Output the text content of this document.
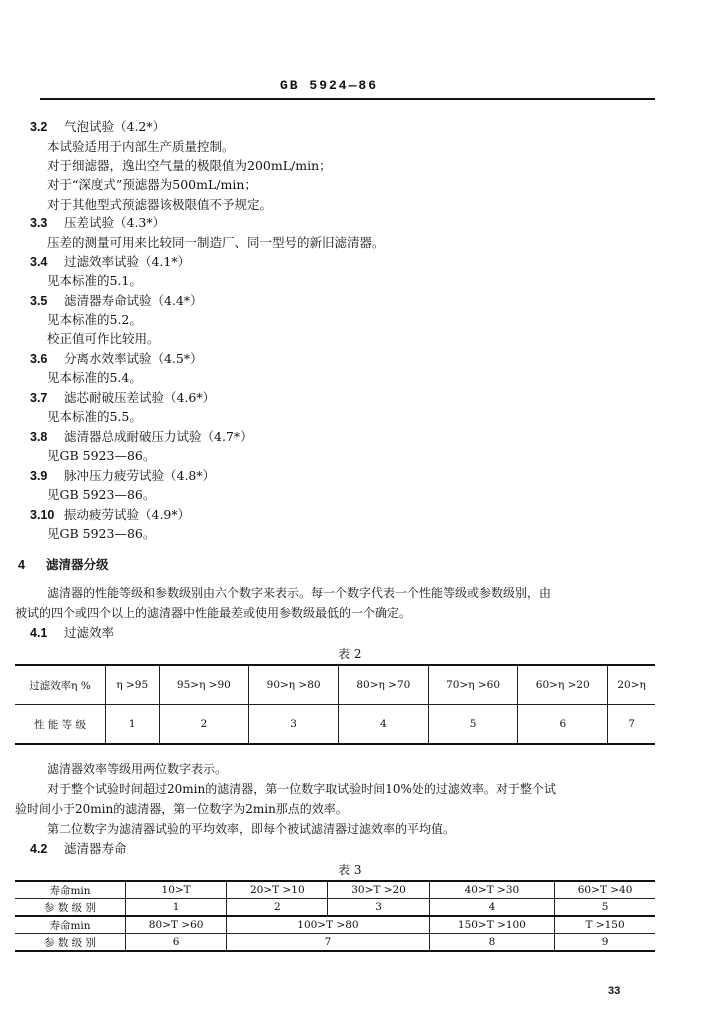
GB 5924—86
3.2 气泡试验（4.2*）
本试验适用于内部生产质量控制。
对于细滤器，逸出空气量的极限值为200mL/min；
对于“深度式”预滤器为500mL/min；
对于其他型式预滤器该极限值不予规定。
3.3 压差试验（4.3*）
压差的测量可用来比较同一制造厂、同一型号的新旧滤清器。
3.4 过滤效率试验（4.1*）
见本标准的5.1。
3.5 滤清器寿命试验（4.4*）
见本标准的5.2。
校正值可作比较用。
3.6 分离水效率试验（4.5*）
见本标准的5.4。
3.7 滤芯耐破压差试验（4.6*）
见本标准的5.5。
3.8 滤清器总成耐破压力试验（4.7*）
见GB 5923—86。
3.9 脉冲压力疲劳试验（4.8*）
见GB 5923—86。
3.10 振动疲劳试验（4.9*）
见GB 5923—86。
4 滤清器分级
滤清器的性能等级和参数级别由六个数字来表示。每一个数字代表一个性能等级或参数级别，由
被试的四个或四个以上的滤清器中性能最差或使用参数级最低的一个确定。
4.1 过滤效率
表 2
过滤效率η %	η >95	95>η >90	90>η >80	80>η >70	70>η >60	60>η >20	20>η
性 能 等 级	1	2	3	4	5	6	7
滤清器效率等级用两位数字表示。
对于整个试验时间超过20min的滤清器，第一位数字取试验时间10%处的过滤效率。对于整个试
验时间小于20min的滤清器，第一位数字为2min那点的效率。
第二位数字为滤清器试验的平均效率，即每个被试滤清器过滤效率的平均值。
4.2 滤清器寿命
表 3
寿命min	10>T	20>T >10	30>T >20	40>T >30	60>T >40
参 数 级 别	1	2	3	4	5
寿命min	80>T >60	100>T >80		150>T >100	T >150
参 数 级 别	6	7		8	9
33
